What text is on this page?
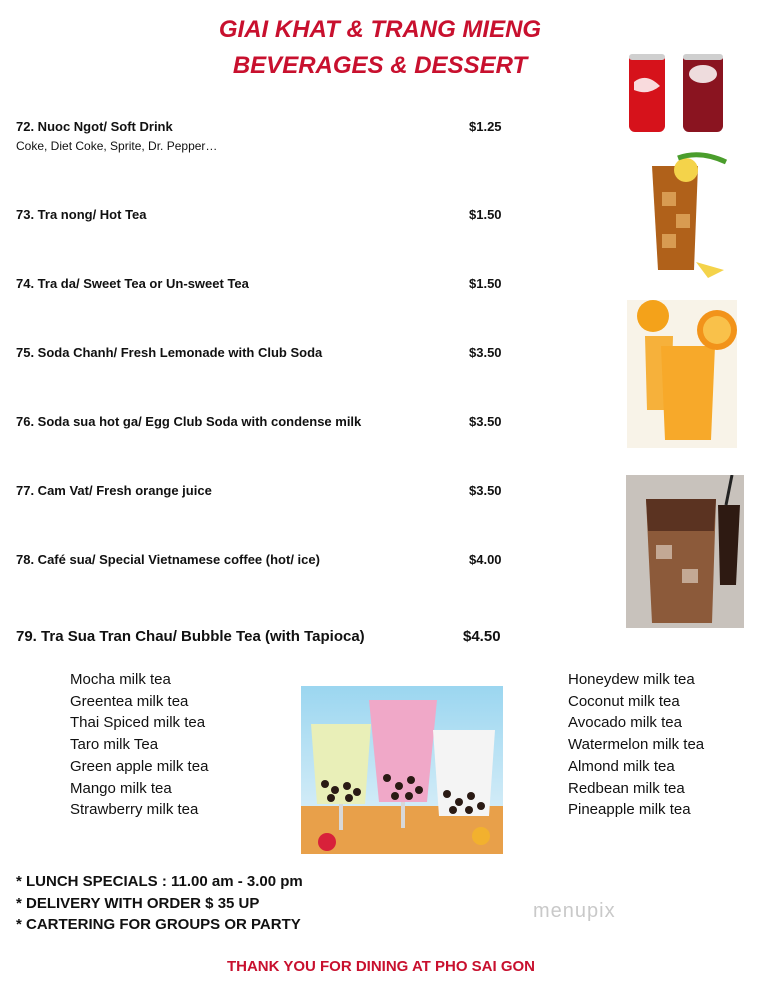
GIAI KHAT & TRANG MIENG
BEVERAGES & DESSERT
72. Nuoc Ngot/ Soft Drink	$1.25
Coke, Diet Coke, Sprite, Dr. Pepper…
73. Tra nong/ Hot Tea	$1.50
74. Tra da/ Sweet Tea or Un-sweet Tea	$1.50
75. Soda Chanh/ Fresh Lemonade with Club Soda	$3.50
76. Soda sua hot ga/ Egg Club Soda with condense milk	$3.50
77. Cam Vat/ Fresh orange juice	$3.50
78. Café sua/ Special Vietnamese coffee (hot/ ice)	$4.00
79. Tra Sua Tran Chau/ Bubble Tea (with Tapioca)	$4.50
Mocha milk tea
Greentea milk tea
Thai Spiced milk tea
Taro milk Tea
Green apple milk tea
Mango milk tea
Strawberry milk tea
Honeydew milk tea
Coconut milk tea
Avocado milk tea
Watermelon milk tea
Almond milk tea
Redbean milk tea
Pineapple milk tea
* LUNCH SPECIALS : 11.00 am - 3.00 pm
* DELIVERY WITH ORDER $ 35 UP
* CARTERING FOR GROUPS OR PARTY
menupix
THANK YOU FOR DINING AT PHO SAI GON
